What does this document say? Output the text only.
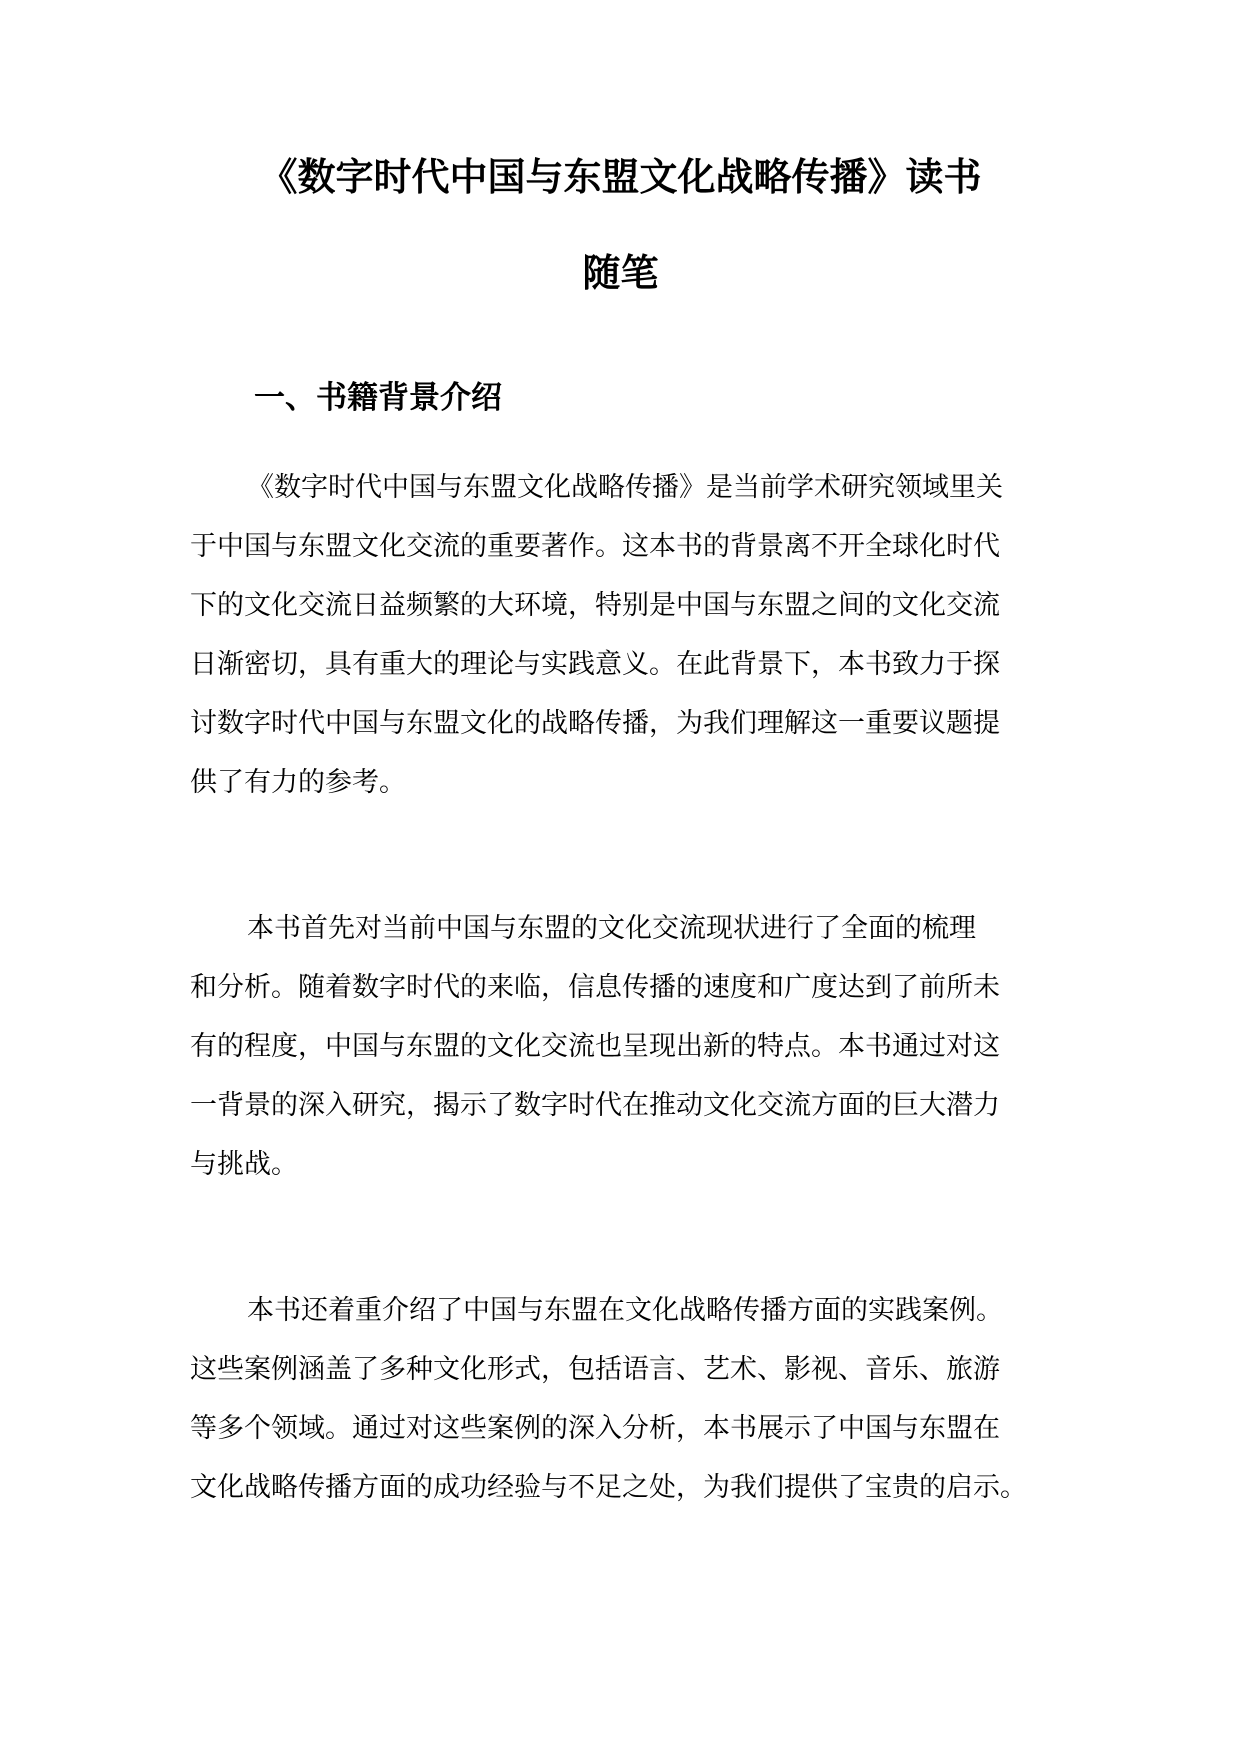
《数字时代中国与东盟文化战略传播》读书
随笔
一、书籍背景介绍
《数字时代中国与东盟文化战略传播》是当前学术研究领域里关
于中国与东盟文化交流的重要著作。这本书的背景离不开全球化时代
下的文化交流日益频繁的大环境，特别是中国与东盟之间的文化交流
日渐密切，具有重大的理论与实践意义。在此背景下，本书致力于探
讨数字时代中国与东盟文化的战略传播，为我们理解这一重要议题提
供了有力的参考。
本书首先对当前中国与东盟的文化交流现状进行了全面的梳理
和分析。随着数字时代的来临，信息传播的速度和广度达到了前所未
有的程度，中国与东盟的文化交流也呈现出新的特点。本书通过对这
一背景的深入研究，揭示了数字时代在推动文化交流方面的巨大潜力
与挑战。
本书还着重介绍了中国与东盟在文化战略传播方面的实践案例。
这些案例涵盖了多种文化形式，包括语言、艺术、影视、音乐、旅游
等多个领域。通过对这些案例的深入分析，本书展示了中国与东盟在
文化战略传播方面的成功经验与不足之处，为我们提供了宝贵的启示。
